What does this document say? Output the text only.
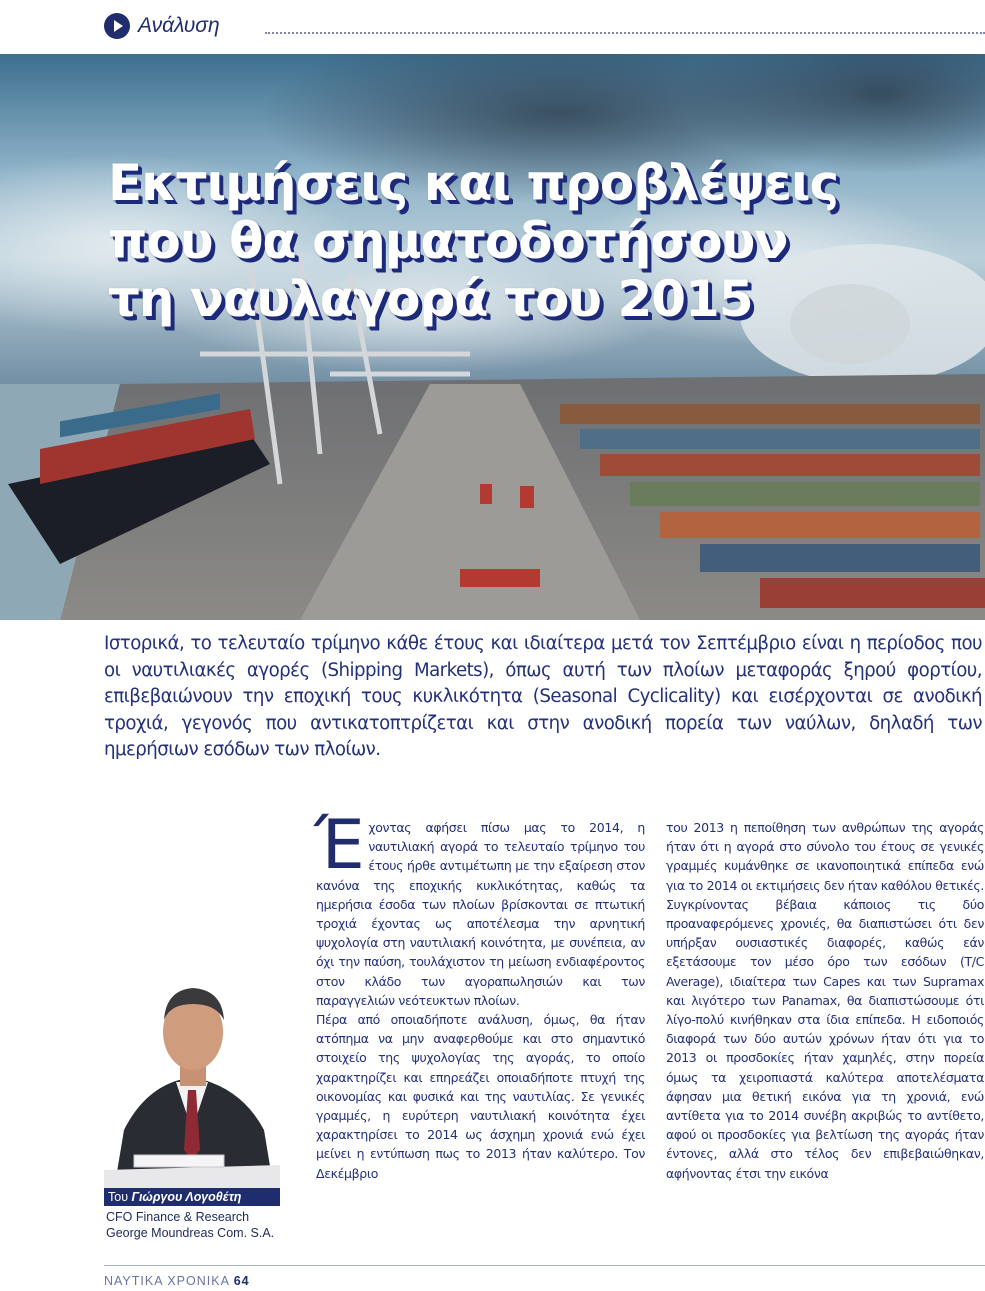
Ανάλυση
Εκτιμήσεις και προβλέψεις
που θα σηματοδοτήσουν
τη ναυλαγορά του 2015
Ιστορικά, το τελευταίο τρίμηνο κάθε έτους και ιδιαίτερα μετά τον Σεπτέμβριο είναι η περίοδος που οι ναυτιλιακές αγορές (Shipping Markets), όπως αυτή των πλοίων μεταφοράς ξηρού φορτίου, επιβεβαιώνουν την εποχική τους κυκλικότητα (Seasonal Cyclicality) και εισέρχονται σε ανοδική τροχιά, γεγονός που αντικατοπτρίζεται και στην ανοδική πορεία των ναύλων, δηλαδή των ημερήσιων εσόδων των πλοίων.
Του Γιώργου Λογοθέτη
CFO Finance & Research
George Moundreas Com. S.A.

Έχοντας αφήσει πίσω μας το 2014, η ναυτιλιακή αγορά το τελευταίο τρίμηνο του έτους ήρθε αντιμέτωπη με την εξαίρεση στον κανόνα της εποχικής κυκλικότητας, καθώς τα ημερήσια έσοδα των πλοίων βρίσκονται σε πτωτική τροχιά έχοντας ως αποτέλεσμα την αρνητική ψυχολογία στη ναυτιλιακή κοινότητα, με συνέπεια, αν όχι την παύση, τουλάχιστον τη μείωση ενδιαφέροντος στον κλάδο των αγοραπωλησιών και των παραγγελιών νεότευκτων πλοίων.

Πέρα από οποιαδήποτε ανάλυση, όμως, θα ήταν ατόπημα να μην αναφερθούμε και στο σημαντικό στοιχείο της ψυχολογίας της αγοράς, το οποίο χαρακτηρίζει και επηρεάζει οποιαδήποτε πτυχή της οικονομίας και φυσικά και της ναυτιλίας. Σε γενικές γραμμές, η ευρύτερη ναυτιλιακή κοινότητα έχει χαρακτηρίσει το 2014 ως άσχημη χρονιά ενώ έχει μείνει η εντύπωση πως το 2013 ήταν καλύτερο. Τον Δεκέμβριο

του 2013 η πεποίθηση των ανθρώπων της αγοράς ήταν ότι η αγορά στο σύνολο του έτους σε γενικές γραμμές κυμάνθηκε σε ικανοποιητικά επίπεδα ενώ για το 2014 οι εκτιμήσεις δεν ήταν καθόλου θετικές. Συγκρίνοντας βέβαια κάποιος τις δύο προαναφερόμενες χρονιές, θα διαπιστώσει ότι δεν υπήρξαν ουσιαστικές διαφορές, καθώς εάν εξετάσουμε τον μέσο όρο των εσόδων (T/C Average), ιδιαίτερα των Capes και των Supramax και λιγότερο των Panamax, θα διαπιστώσουμε ότι λίγο-πολύ κινήθηκαν στα ίδια επίπεδα. Η ειδοποιός διαφορά των δύο αυτών χρόνων ήταν ότι για το 2013 οι προσδοκίες ήταν χαμηλές, στην πορεία όμως τα χειροπιαστά καλύτερα αποτελέσματα άφησαν μια θετική εικόνα για τη χρονιά, ενώ αντίθετα για το 2014 συνέβη ακριβώς το αντίθετο, αφού οι προσδοκίες για βελτίωση της αγοράς ήταν έντονες, αλλά στο τέλος δεν επιβεβαιώθηκαν, αφήνοντας έτσι την εικόνα

ΝΑΥΤΙΚΑ ΧΡΟΝΙΚΑ 64
